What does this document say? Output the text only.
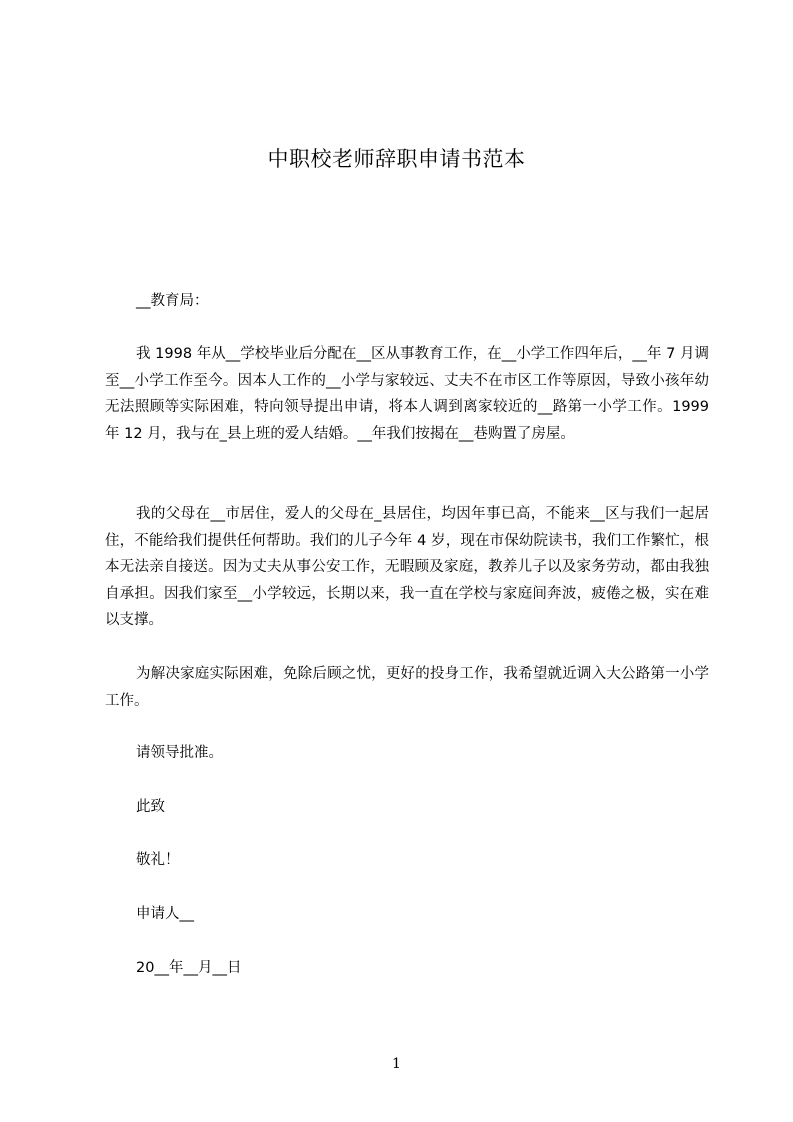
中职校老师辞职申请书范本
__教育局：
我 1998 年从__学校毕业后分配在__区从事教育工作，在__小学工作四年后，__年 7 月调至__小学工作至今。因本人工作的__小学与家较远、丈夫不在市区工作等原因，导致小孩年幼无法照顾等实际困难，特向领导提出申请，将本人调到离家较近的__路第一小学工作。1999 年 12 月，我与在_县上班的爱人结婚。__年我们按揭在__巷购置了房屋。
我的父母在__市居住，爱人的父母在_县居住，均因年事已高，不能来__区与我们一起居住，不能给我们提供任何帮助。我们的儿子今年 4 岁，现在市保幼院读书，我们工作繁忙，根本无法亲自接送。因为丈夫从事公安工作，无暇顾及家庭，教养儿子以及家务劳动，都由我独自承担。因我们家至__小学较远，长期以来，我一直在学校与家庭间奔波，疲倦之极，实在难以支撑。
为解决家庭实际困难，免除后顾之忧，更好的投身工作，我希望就近调入大公路第一小学工作。
请领导批准。
此致
敬礼！
申请人__
20__年__月__日
1
